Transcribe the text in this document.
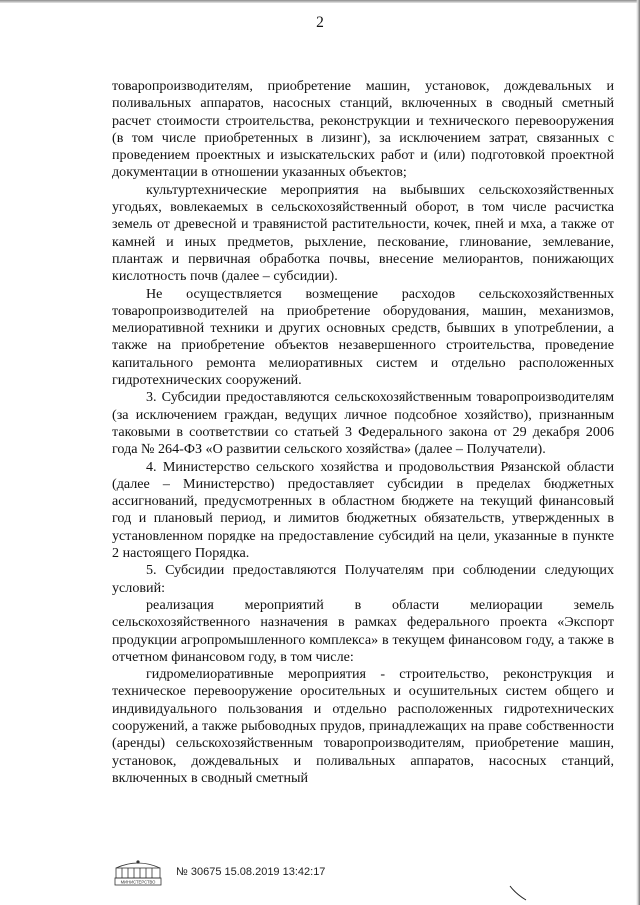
2

товаропроизводителям, приобретение машин, установок, дождевальных и поливальных аппаратов, насосных станций, включенных в сводный сметный расчет стоимости строительства, реконструкции и технического перевооружения (в том числе приобретенных в лизинг), за исключением затрат, связанных с проведением проектных и изыскательских работ и (или) подготовкой проектной документации в отношении указанных объектов;

культуртехнические мероприятия на выбывших сельскохозяйственных угодьях, вовлекаемых в сельскохозяйственный оборот, в том числе расчистка земель от древесной и травянистой растительности, кочек, пней и мха, а также от камней и иных предметов, рыхление, пескование, глинование, землевание, плантаж и первичная обработка почвы, внесение мелиорантов, понижающих кислотность почв (далее – субсидии).

Не осуществляется возмещение расходов сельскохозяйственных товаропроизводителей на приобретение оборудования, машин, механизмов, мелиоративной техники и других основных средств, бывших в употреблении, а также на приобретение объектов незавершенного строительства, проведение капитального ремонта мелиоративных систем и отдельно расположенных гидротехнических сооружений.

3. Субсидии предоставляются сельскохозяйственным товаропроизводителям (за исключением граждан, ведущих личное подсобное хозяйство), признанным таковыми в соответствии со статьей 3 Федерального закона от 29 декабря 2006 года № 264-ФЗ «О развитии сельского хозяйства» (далее – Получатели).

4. Министерство сельского хозяйства и продовольствия Рязанской области (далее – Министерство) предоставляет субсидии в пределах бюджетных ассигнований, предусмотренных в областном бюджете на текущий финансовый год и плановый период, и лимитов бюджетных обязательств, утвержденных в установленном порядке на предоставление субсидий на цели, указанные в пункте 2 настоящего Порядка.

5. Субсидии предоставляются Получателям при соблюдении следующих условий:

реализация мероприятий в области мелиорации земель сельскохозяйственного назначения в рамках федерального проекта «Экспорт продукции агропромышленного комплекса» в текущем финансовом году, а также в отчетном финансовом году, в том числе:

гидромелиоративные мероприятия - строительство, реконструкция и техническое перевооружение оросительных и осушительных систем общего и индивидуального пользования и отдельно расположенных гидротехнических сооружений, а также рыбоводных прудов, принадлежащих на праве собственности (аренды) сельскохозяйственным товаропроизводителям, приобретение машин, установок, дождевальных и поливальных аппаратов, насосных станций, включенных в сводный сметный

МИНИСТЕРСТВО
№ 30675 15.08.2019 13:42:17
